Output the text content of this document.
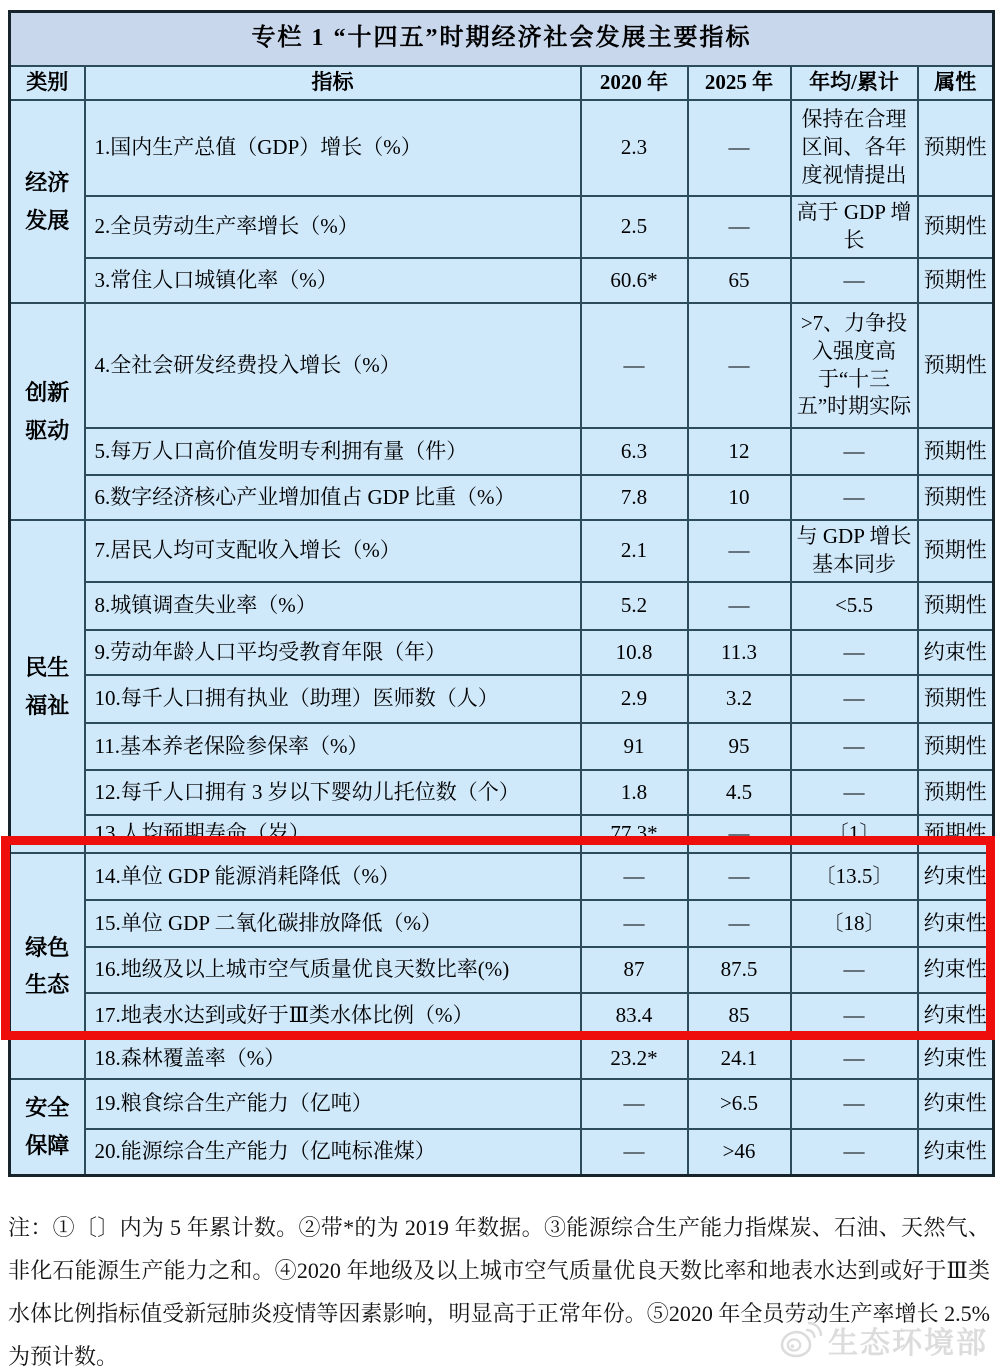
专栏 1 “十四五”时期经济社会发展主要指标					
类别	指标	2020 年	2025 年	年均/累计	属性
经济发展	1.国内生产总值（GDP）增长（%）	2.3	—	保持在合理区间、各年度视情提出	预期性
	2.全员劳动生产率增长（%）	2.5	—	高于 GDP 增长	预期性
	3.常住人口城镇化率（%）	60.6*	65	—	预期性
创新驱动	4.全社会研发经费投入增长（%）	—	—	>7、力争投入强度高于“十三五”时期实际	预期性
	5.每万人口高价值发明专利拥有量（件）	6.3	12	—	预期性
	6.数字经济核心产业增加值占 GDP 比重（%）	7.8	10	—	预期性
民生福祉	7.居民人均可支配收入增长（%）	2.1	—	与 GDP 增长基本同步	预期性
	8.城镇调查失业率（%）	5.2	—	<5.5	预期性
	9.劳动年龄人口平均受教育年限（年）	10.8	11.3	—	约束性
	10.每千人口拥有执业（助理）医师数（人）	2.9	3.2	—	预期性
	11.基本养老保险参保率（%）	91	95	—	预期性
	12.每千人口拥有 3 岁以下婴幼儿托位数（个）	1.8	4.5	—	预期性
	13.人均预期寿命（岁）	77.3*	—	〔1〕	预期性
绿色生态	14.单位 GDP 能源消耗降低（%）	—	—	〔13.5〕	约束性
	15.单位 GDP 二氧化碳排放降低（%）	—	—	〔18〕	约束性
	16.地级及以上城市空气质量优良天数比率(%)	87	87.5	—	约束性
	17.地表水达到或好于Ⅲ类水体比例（%）	83.4	85	—	约束性
	18.森林覆盖率（%）	23.2*	24.1	—	约束性
安全保障	19.粮食综合生产能力（亿吨）	—	>6.5	—	约束性
	20.能源综合生产能力（亿吨标准煤）	—	>46	—	约束性

注：①〔〕内为 5 年累计数。②带*的为 2019 年数据。③能源综合生产能力指煤炭、石油、天然气、非化石能源生产能力之和。④2020 年地级及以上城市空气质量优良天数比率和地表水达到或好于Ⅲ类水体比例指标值受新冠肺炎疫情等因素影响，明显高于正常年份。⑤2020 年全员劳动生产率增长 2.5%为预计数。	生态环境部
